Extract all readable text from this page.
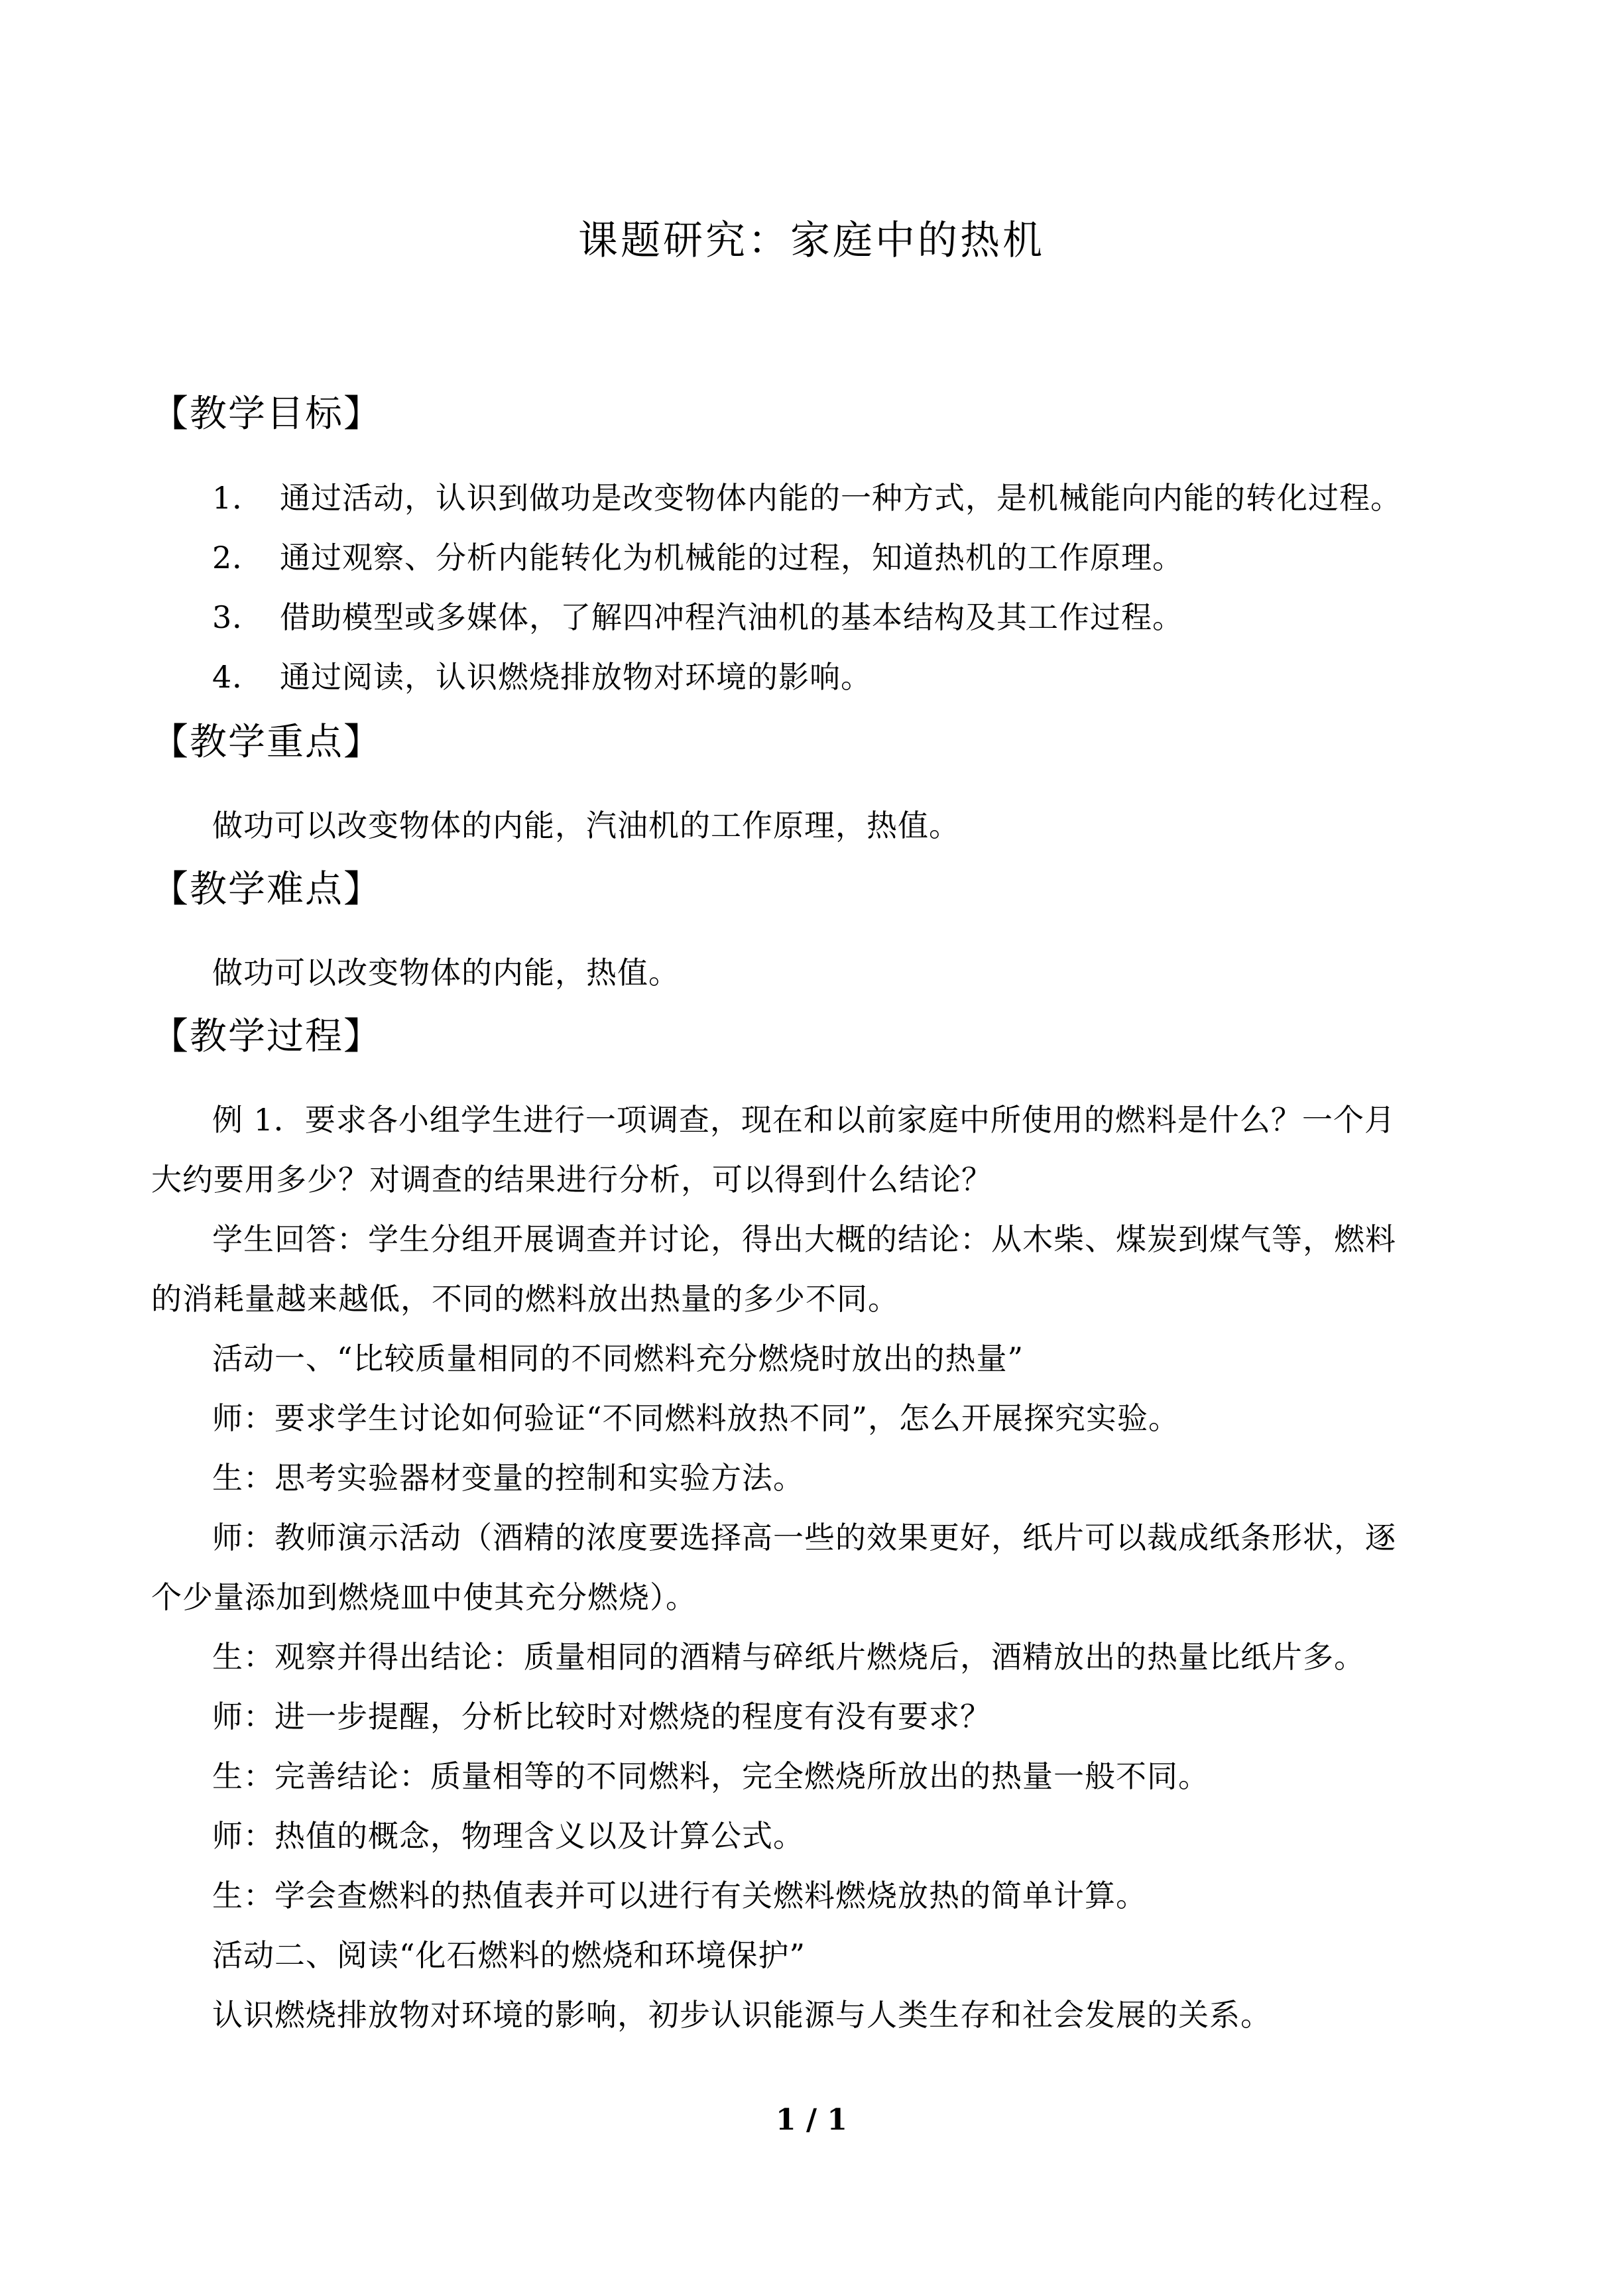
课题研究：家庭中的热机
【教学目标】
1． 通过活动，认识到做功是改变物体内能的一种方式，是机械能向内能的转化过程。
2． 通过观察、分析内能转化为机械能的过程，知道热机的工作原理。
3． 借助模型或多媒体，了解四冲程汽油机的基本结构及其工作过程。
4． 通过阅读，认识燃烧排放物对环境的影响。
【教学重点】
做功可以改变物体的内能，汽油机的工作原理，热值。
【教学难点】
做功可以改变物体的内能，热值。
【教学过程】
例 1．要求各小组学生进行一项调查，现在和以前家庭中所使用的燃料是什么？一个月
大约要用多少？对调查的结果进行分析，可以得到什么结论？
学生回答：学生分组开展调查并讨论，得出大概的结论：从木柴、煤炭到煤气等，燃料
的消耗量越来越低，不同的燃料放出热量的多少不同。
活动一、“比较质量相同的不同燃料充分燃烧时放出的热量”
师：要求学生讨论如何验证“不同燃料放热不同”，怎么开展探究实验。
生：思考实验器材变量的控制和实验方法。
师：教师演示活动（酒精的浓度要选择高一些的效果更好，纸片可以裁成纸条形状，逐
个少量添加到燃烧皿中使其充分燃烧）。
生：观察并得出结论：质量相同的酒精与碎纸片燃烧后，酒精放出的热量比纸片多。
师：进一步提醒，分析比较时对燃烧的程度有没有要求？
生：完善结论：质量相等的不同燃料，完全燃烧所放出的热量一般不同。
师：热值的概念，物理含义以及计算公式。
生：学会查燃料的热值表并可以进行有关燃料燃烧放热的简单计算。
活动二、阅读“化石燃料的燃烧和环境保护”
认识燃烧排放物对环境的影响，初步认识能源与人类生存和社会发展的关系。
1 / 1
